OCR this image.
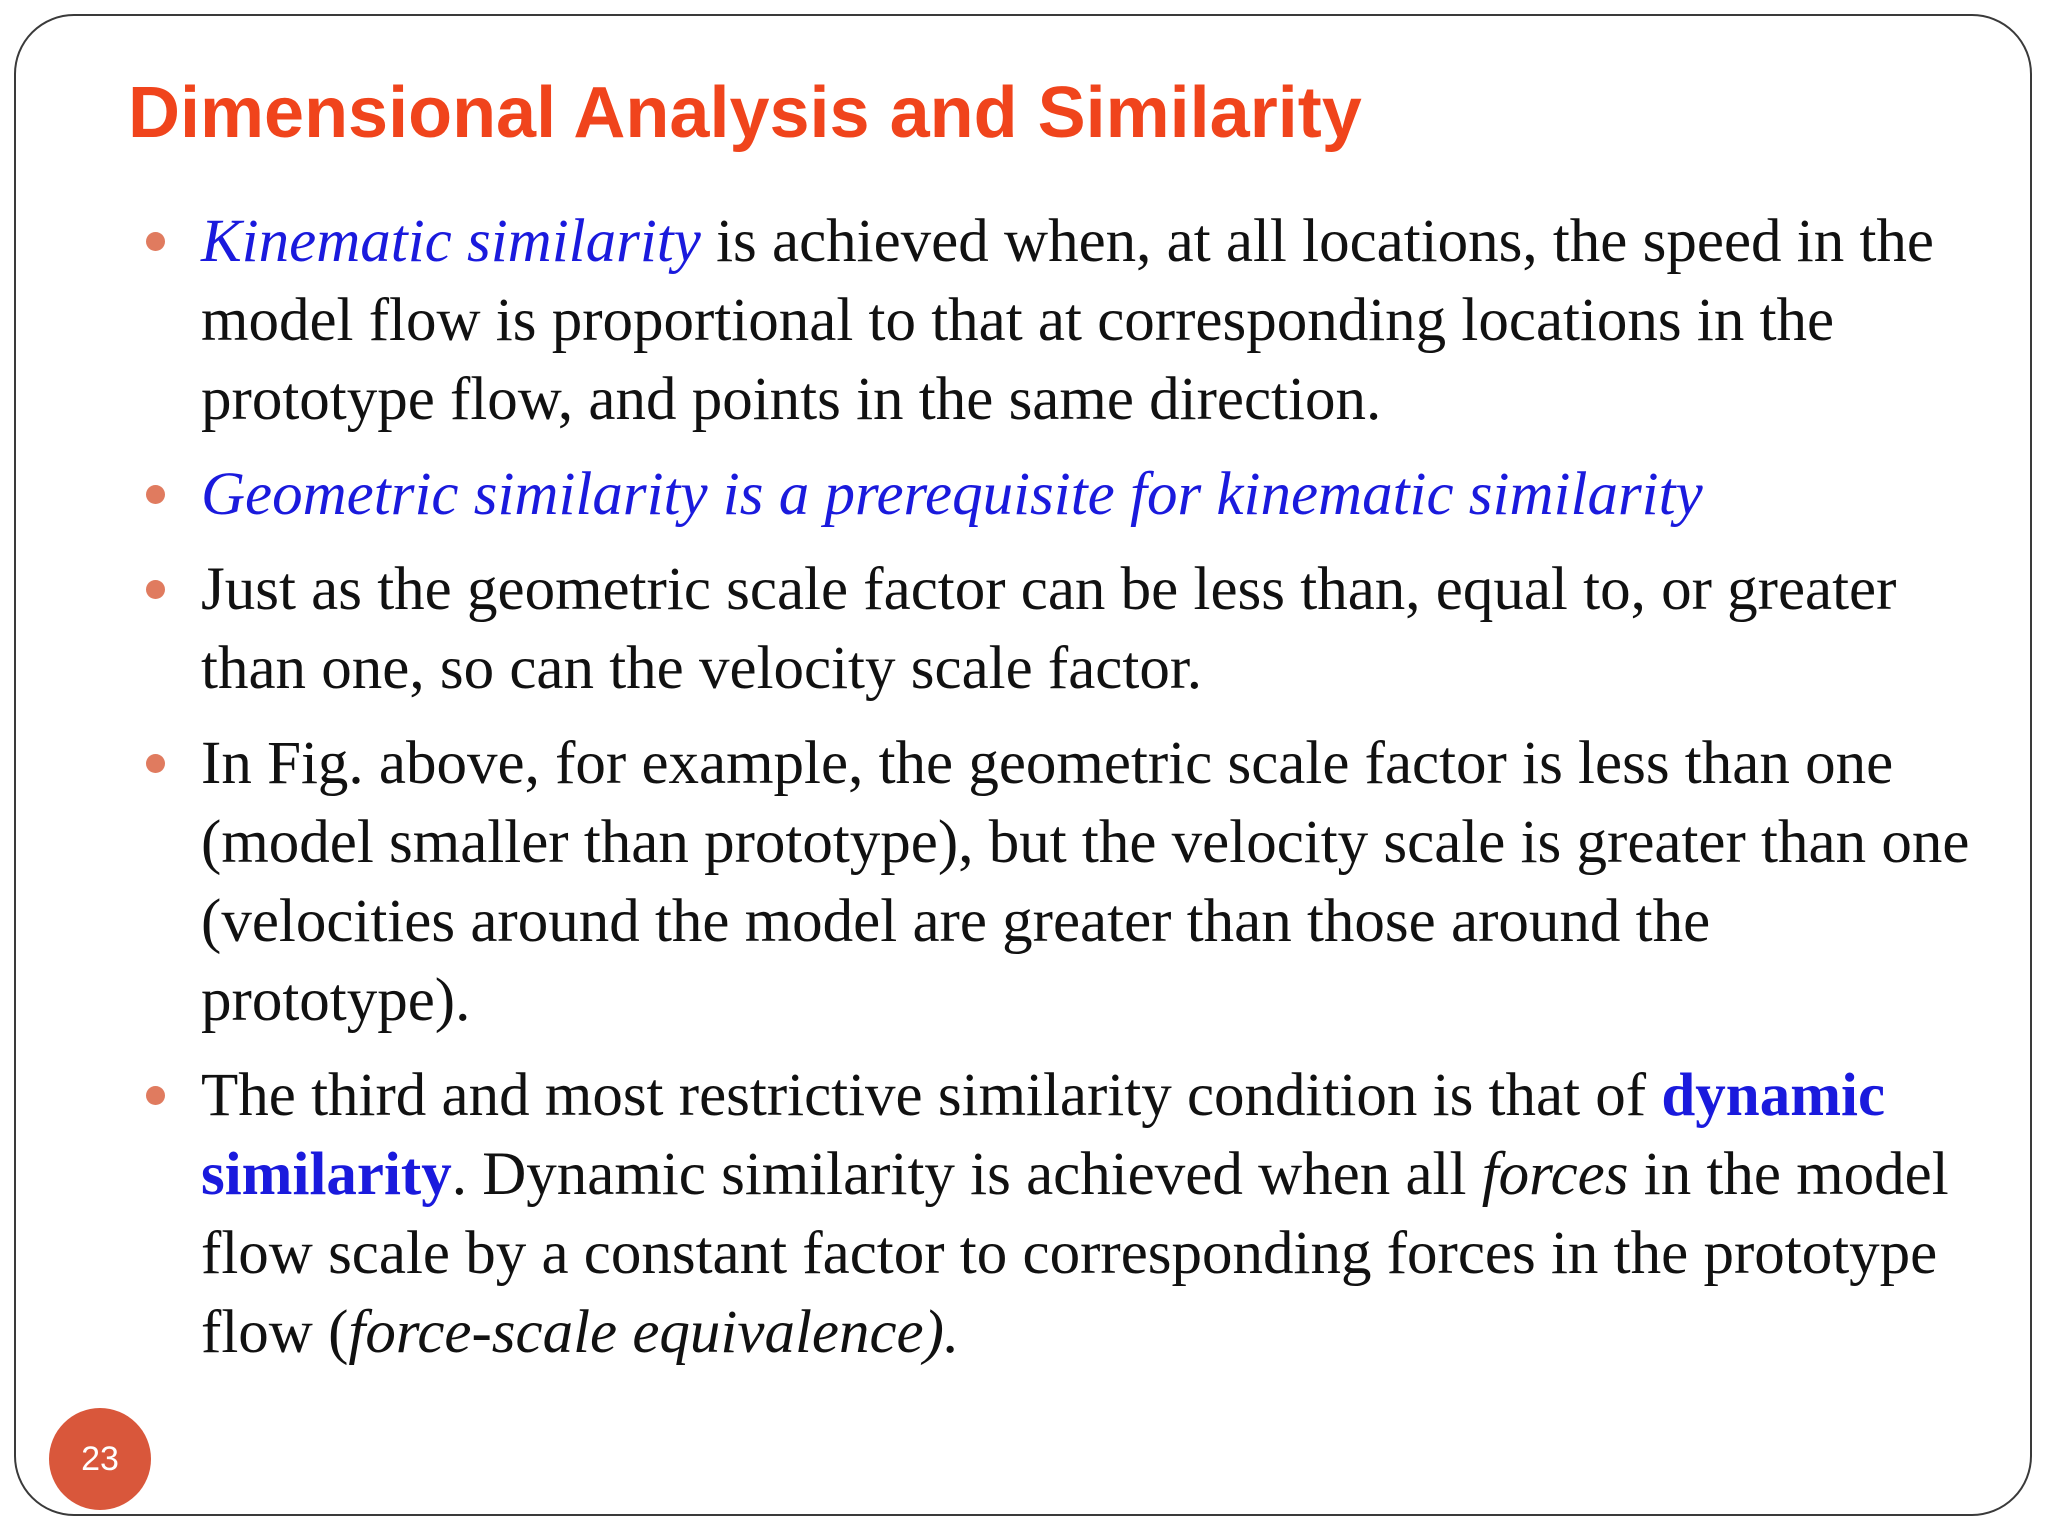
Dimensional Analysis and Similarity
Kinematic similarity is achieved when, at all locations, the speed in the model flow is proportional to that at corresponding locations in the prototype flow, and points in the same direction.
Geometric similarity is a prerequisite for kinematic similarity
Just as the geometric scale factor can be less than, equal to, or greater than one, so can the velocity scale factor.
In Fig. above, for example, the geometric scale factor is less than one (model smaller than prototype), but the velocity scale is greater than one (velocities around the model are greater than those around the prototype).
The third and most restrictive similarity condition is that of dynamic similarity. Dynamic similarity is achieved when all forces in the model flow scale by a constant factor to corresponding forces in the prototype flow (force-scale equivalence).
23
